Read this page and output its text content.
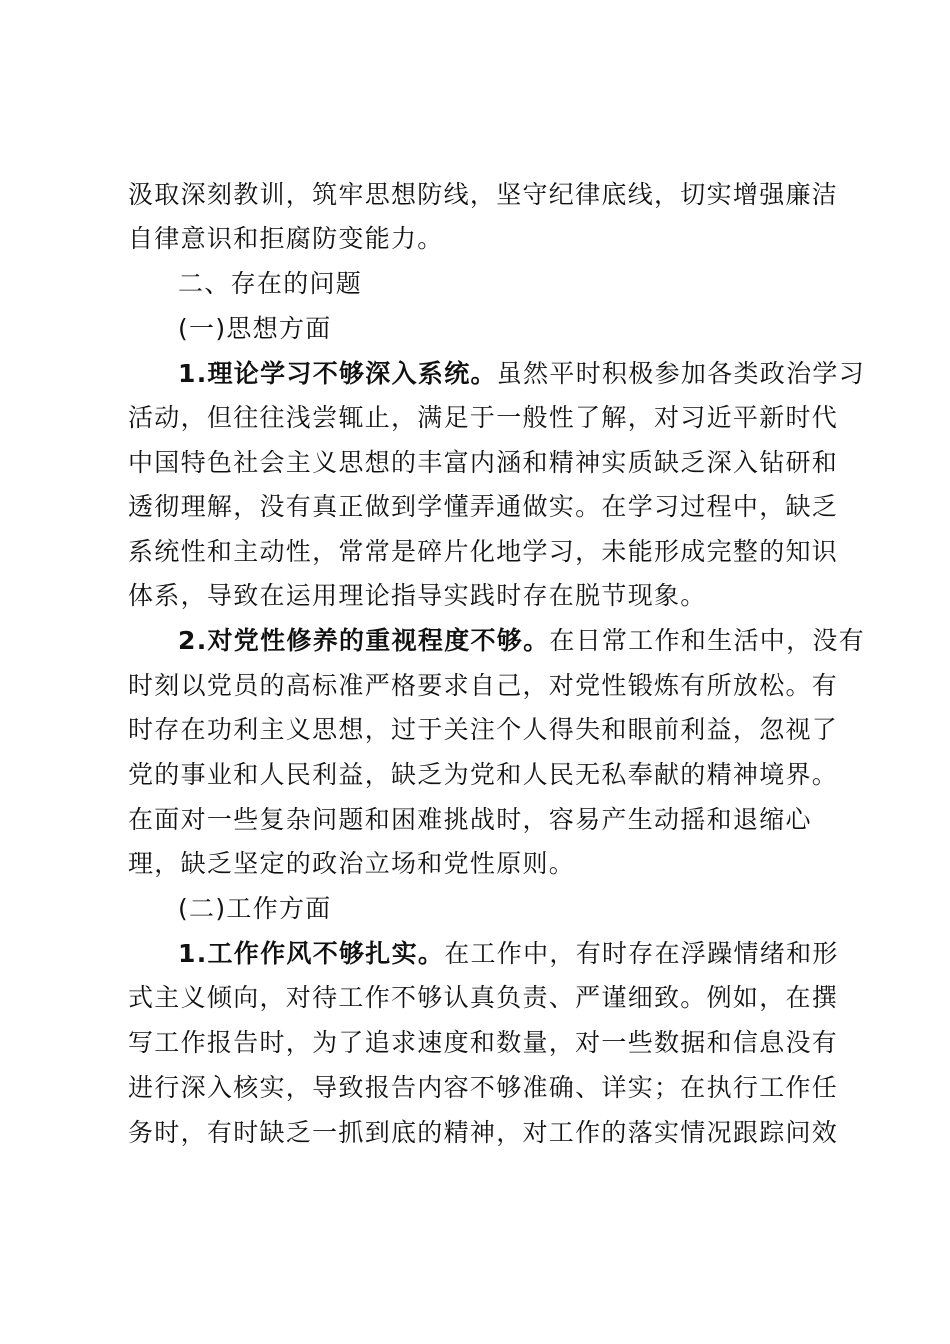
汲取深刻教训，筑牢思想防线，坚守纪律底线，切实增强廉洁
自律意识和拒腐防变能力。
二、存在的问题
(一)思想方面
1.理论学习不够深入系统。虽然平时积极参加各类政治学习
活动，但往往浅尝辄止，满足于一般性了解，对习近平新时代
中国特色社会主义思想的丰富内涵和精神实质缺乏深入钻研和
透彻理解，没有真正做到学懂弄通做实。在学习过程中，缺乏
系统性和主动性，常常是碎片化地学习，未能形成完整的知识
体系，导致在运用理论指导实践时存在脱节现象。
2.对党性修养的重视程度不够。在日常工作和生活中，没有
时刻以党员的高标准严格要求自己，对党性锻炼有所放松。有
时存在功利主义思想，过于关注个人得失和眼前利益，忽视了
党的事业和人民利益，缺乏为党和人民无私奉献的精神境界。
在面对一些复杂问题和困难挑战时，容易产生动摇和退缩心
理，缺乏坚定的政治立场和党性原则。
(二)工作方面
1.工作作风不够扎实。在工作中，有时存在浮躁情绪和形
式主义倾向，对待工作不够认真负责、严谨细致。例如，在撰
写工作报告时，为了追求速度和数量，对一些数据和信息没有
进行深入核实，导致报告内容不够准确、详实；在执行工作任
务时，有时缺乏一抓到底的精神，对工作的落实情况跟踪问效
